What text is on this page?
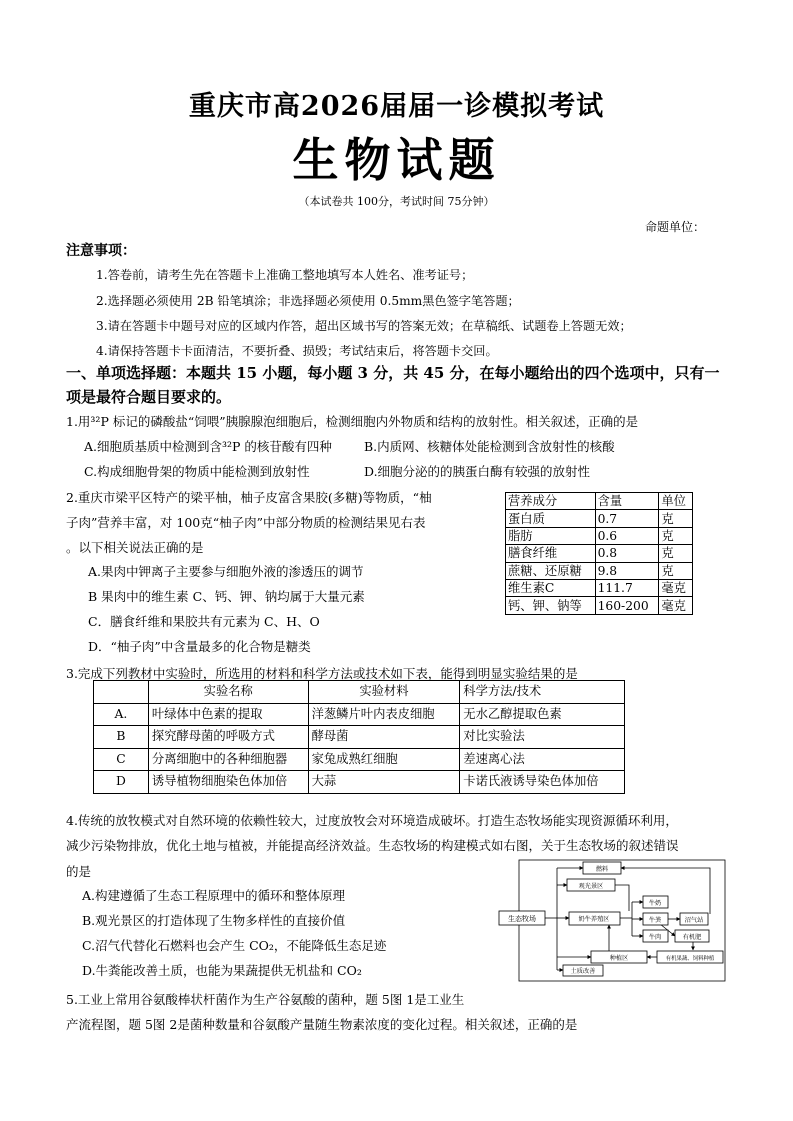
重庆市高2026届届一诊模拟考试
生物试题
（本试卷共 100分，考试时间 75分钟）
命题单位：
注意事项：
1.答卷前，请考生先在答题卡上准确工整地填写本人姓名、准考证号；
2.选择题必须使用 2B 铅笔填涂；非选择题必须使用 0.5mm黑色签字笔答题；
3.请在答题卡中题号对应的区域内作答，超出区域书写的答案无效；在草稿纸、试题卷上答题无效；
4.请保持答题卡卡面清洁，不要折叠、损毁；考试结束后，将答题卡交回。
一、单项选择题：本题共 15 小题，每小题 3 分，共 45 分，在每小题给出的四个选项中，只有一
项是最符合题目要求的。
1.用³²P 标记的磷酸盐“饲喂”胰腺腺泡细胞后，检测细胞内外物质和结构的放射性。相关叙述，正确的是
A.细胞质基质中检测到含³²P 的核苷酸有四种	B.内质网、核糖体处能检测到含放射性的核酸
C.构成细胞骨架的物质中能检测到放射性	D.细胞分泌的的胰蛋白酶有较强的放射性
2.重庆市梁平区特产的梁平柚，柚子皮富含果胶(多糖)等物质，“柚
子肉”营养丰富，对 100克“柚子肉”中部分物质的检测结果见右表
。以下相关说法正确的是
A.果肉中钾离子主要参与细胞外液的渗透压的调节
B 果肉中的维生素 C、钙、钾、钠均属于大量元素
C．膳食纤维和果胶共有元素为 C、H、O
D．“柚子肉”中含量最多的化合物是糖类
营养成分	含量	单位
蛋白质	0.7	克
脂肪	0.6	克
膳食纤维	0.8	克
蔗糖、还原糖	9.8	克
维生素C	111.7	毫克
钙、钾、钠等	160-200	毫克
3.完成下列教材中实验时，所选用的材料和科学方法或技术如下表，能得到明显实验结果的是
	实验名称	实验材料	科学方法/技术
A.	叶绿体中色素的提取	洋葱鳞片叶内表皮细胞	无水乙醇提取色素
B	探究酵母菌的呼吸方式	酵母菌	对比实验法
C	分离细胞中的各种细胞器	家兔成熟红细胞	差速离心法
D	诱导植物细胞染色体加倍	大蒜	卡诺氏液诱导染色体加倍
4.传统的放牧模式对自然环境的依赖性较大，过度放牧会对环境造成破坏。打造生态牧场能实现资源循环利用，
减少污染物排放，优化土地与植被，并能提高经济效益。生态牧场的构建模式如右图，关于生态牧场的叙述错误
的是
A.构建遵循了生态工程原理中的循环和整体原理
B.观光景区的打造体现了生物多样性的直接价值
C.沼气代替化石燃料也会产生 CO₂，不能降低生态足迹
D.牛粪能改善土质，也能为果蔬提供无机盐和 CO₂
生态牧场
燃料
观光景区
奶牛养殖区
牛奶
牛粪	沼气站
牛肉	有机肥
种植区	有机果蔬、饲料种植
土质改善
5.工业上常用谷氨酸棒状杆菌作为生产谷氨酸的菌种，题 5图 1是工业生
产流程图，题 5图 2是菌种数量和谷氨酸产量随生物素浓度的变化过程。相关叙述，正确的是
